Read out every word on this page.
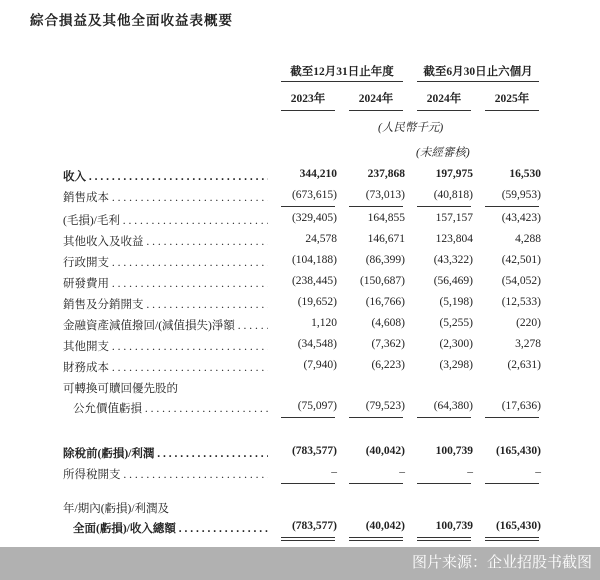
綜合損益及其他全面收益表概要
截至12月31日止年度	截至6月30日止六個月
2023年	2024年	2024年	2025年
(人民幣千元)
(未經審核)
收入 . . .	344,210	237,868	197,975	16,530
銷售成本 . . .	(673,615)	(73,013)	(40,818)	(59,953)
(毛損)/毛利 . . .	(329,405)	164,855	157,157	(43,423)
其他收入及收益 . . .	24,578	146,671	123,804	4,288
行政開支 . . .	(104,188)	(86,399)	(43,322)	(42,501)
研發費用 . . .	(238,445)	(150,687)	(56,469)	(54,052)
銷售及分銷開支 . . .	(19,652)	(16,766)	(5,198)	(12,533)
金融資產減值撥回/(減值損失)淨額 . . .	1,120	(4,608)	(5,255)	(220)
其他開支 . . .	(34,548)	(7,362)	(2,300)	3,278
財務成本 . . .	(7,940)	(6,223)	(3,298)	(2,631)
可轉換可贖回優先股的
公允價值虧損 . . .	(75,097)	(79,523)	(64,380)	(17,636)
除稅前(虧損)/利潤 . . .	(783,577)	(40,042)	100,739	(165,430)
所得稅開支 . . .	–	–	–	–
年/期內(虧損)/利潤及
全面(虧損)/收入總額 . . .	(783,577)	(40,042)	100,739	(165,430)
图片来源：企业招股书截图
